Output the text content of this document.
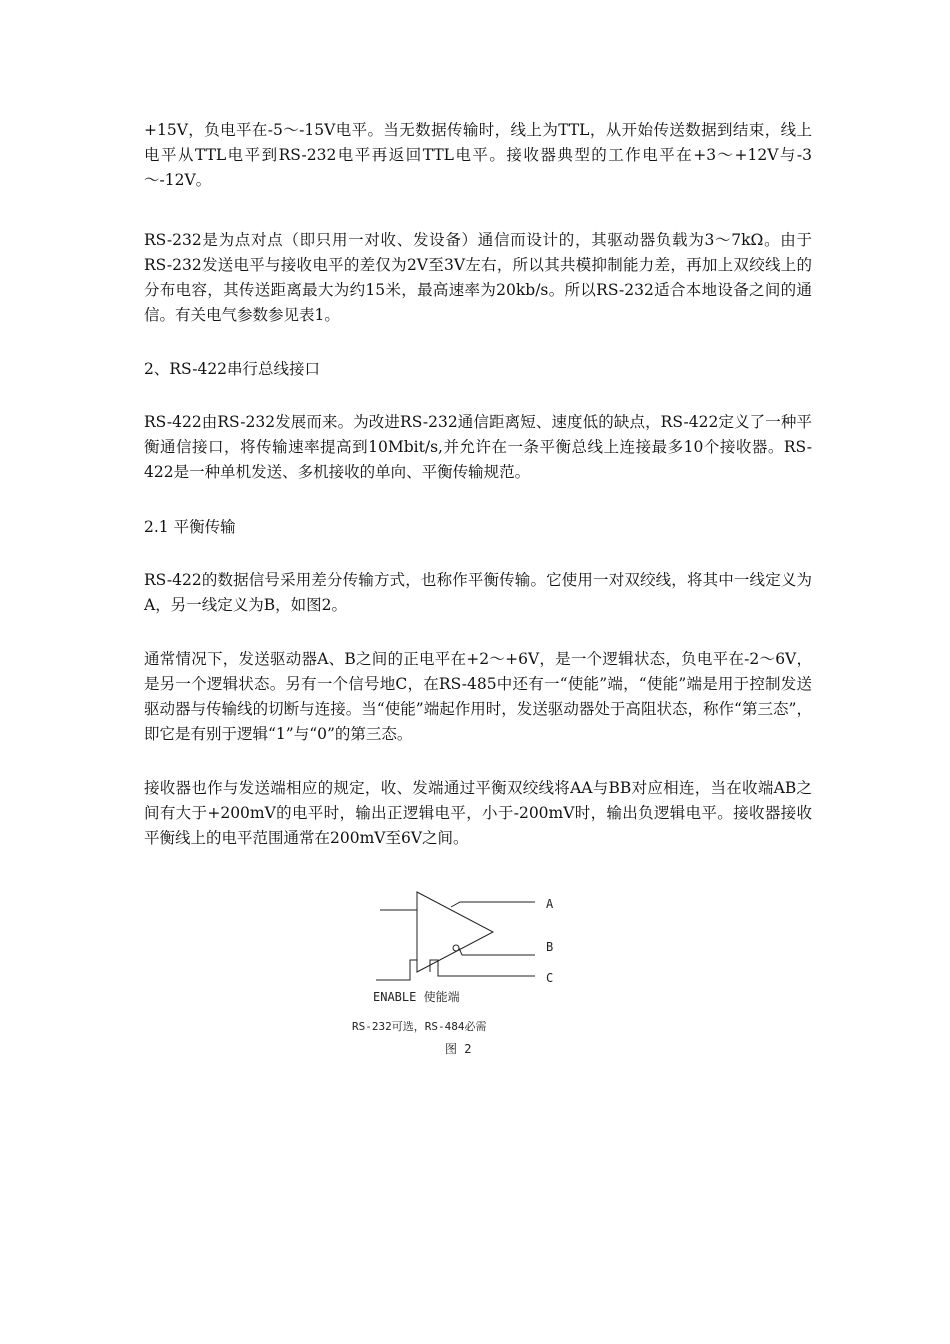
+15V，负电平在-5～-15V电平。当无数据传输时，线上为TTL，从开始传送数据到结束，线上电平从TTL电平到RS-232电平再返回TTL电平。接收器典型的工作电平在+3～+12V与-3～-12V。

RS-232是为点对点（即只用一对收、发设备）通信而设计的，其驱动器负载为3～7kΩ。由于RS-232发送电平与接收电平的差仅为2V至3V左右，所以其共模抑制能力差，再加上双绞线上的分布电容，其传送距离最大为约15米，最高速率为20kb/s。所以RS-232适合本地设备之间的通信。有关电气参数参见表1。

2、RS-422串行总线接口

RS-422由RS-232发展而来。为改进RS-232通信距离短、速度低的缺点，RS-422定义了一种平衡通信接口，将传输速率提高到10Mbit/s,并允许在一条平衡总线上连接最多10个接收器。RS-422是一种单机发送、多机接收的单向、平衡传输规范。

2.1 平衡传输

RS-422的数据信号采用差分传输方式，也称作平衡传输。它使用一对双绞线，将其中一线定义为A，另一线定义为B，如图2。

通常情况下，发送驱动器A、B之间的正电平在+2～+6V，是一个逻辑状态，负电平在-2～6V，是另一个逻辑状态。另有一个信号地C，在RS-485中还有一“使能”端，“使能”端是用于控制发送驱动器与传输线的切断与连接。当“使能”端起作用时，发送驱动器处于高阻状态，称作“第三态”，即它是有别于逻辑“1”与“0”的第三态。

接收器也作与发送端相应的规定，收、发端通过平衡双绞线将AA与BB对应相连，当在收端AB之间有大于+200mV的电平时，输出正逻辑电平，小于-200mV时，输出负逻辑电平。接收器接收平衡线上的电平范围通常在200mV至6V之间。

A
B
C
ENABLE 使能端
RS-232可选，RS-484必需
图 2
